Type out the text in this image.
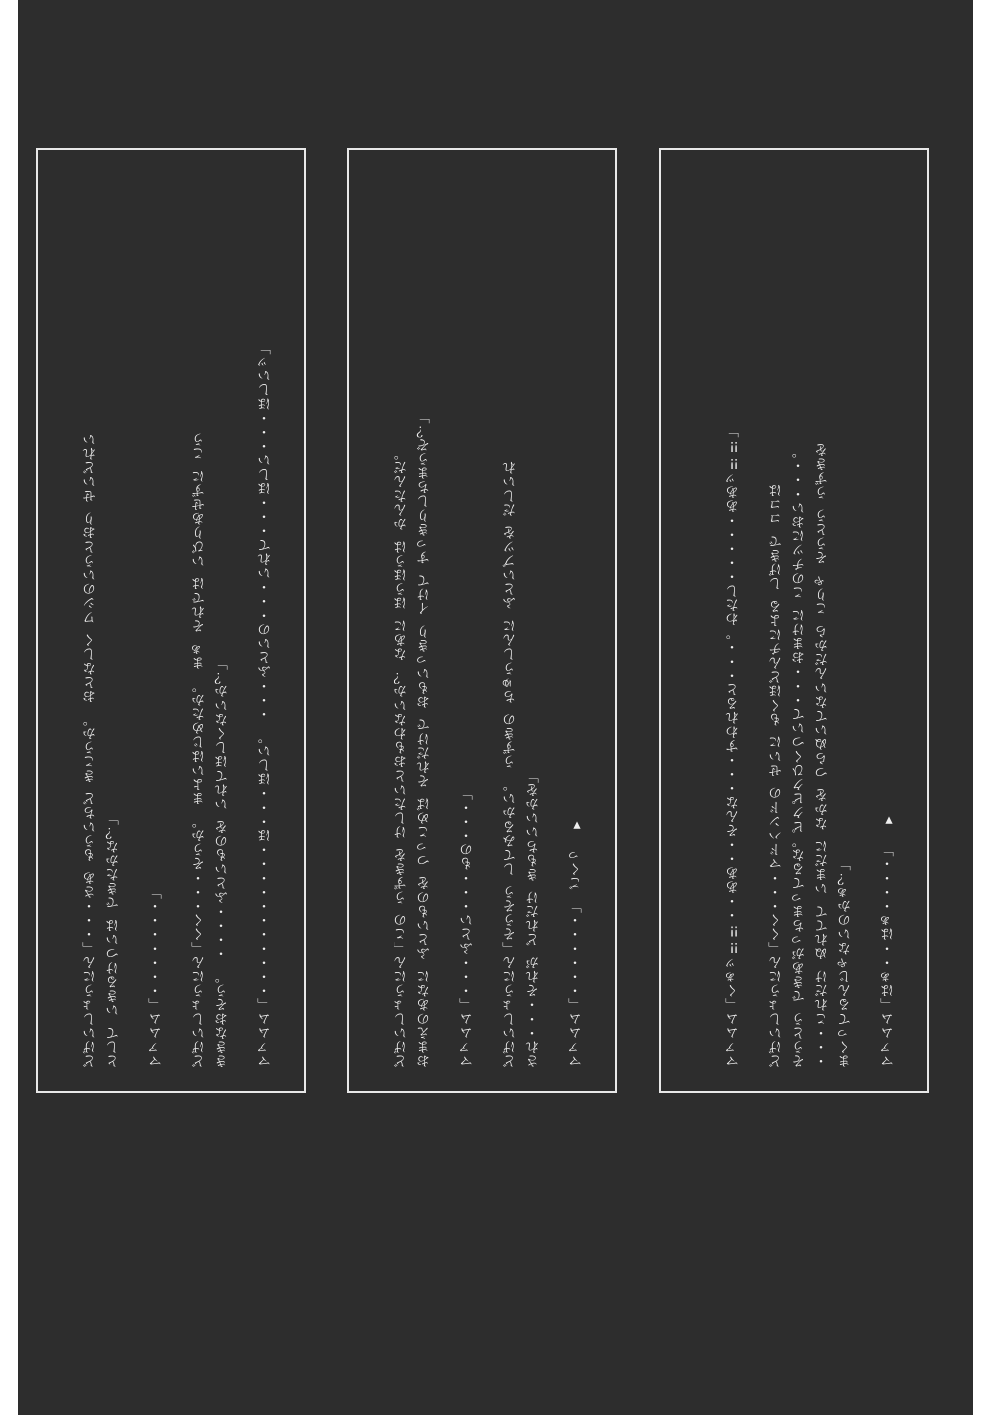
マァムム「くぁッ‼‼・・ああ・・そんな・・・すわれると・・・。わたし・・・・・ああッ‼‼」 どげいしょうにん「くく・・・マドハンドの せいに もくほどんチによる しげきで ココは そうとう できあがっちまってるな。ピクピクひくついて・・・おまけに このチツにおい・・・。 ・・・これだけ ぬれてて いまだに なかを つらぬいてないんだから こりゃ そうとう うずきを まくってるんじゃないのかぁ？」 マァムム「はぁ・・はぁ・・・・」 ▼
どげいしょうにん「この うずきを けしたいとおもわないか？ なあに ほうほうは かんたんだ。 おまえのあなに ふといものを つっこめば それだけで おもいっきり イけて すっきりしちまうぞ？」 マァムム「・・・ふとい・・・もの・・・」 どげいしょうにん「そうそう してみるかい。 うずきの ちゅうしんに ふといブツを だしいれ され・・・それが どれだけ きもちいいかを」 マァムム「・・・・・・」 ごくっ ▼
どげいしょうにん「・・・さあ もういちど きこうか。 おとなしく ワシのいうとおり せいどれい として いきるけついは できたかな？」 マァムム「・・・・・・・」 どげいしょうにん「くく・・・そうか。 まよいはじめたか。 まぁ それでは いびりあせずに こう ききなおそう。 ・・・・ふといものを いれてほしくないか？」 マァムム「・・・・・・・・・・・ほ・・・ほしい。 ・・・ふといの・・・いれて・・・ほしい・・・ほしいッ」
